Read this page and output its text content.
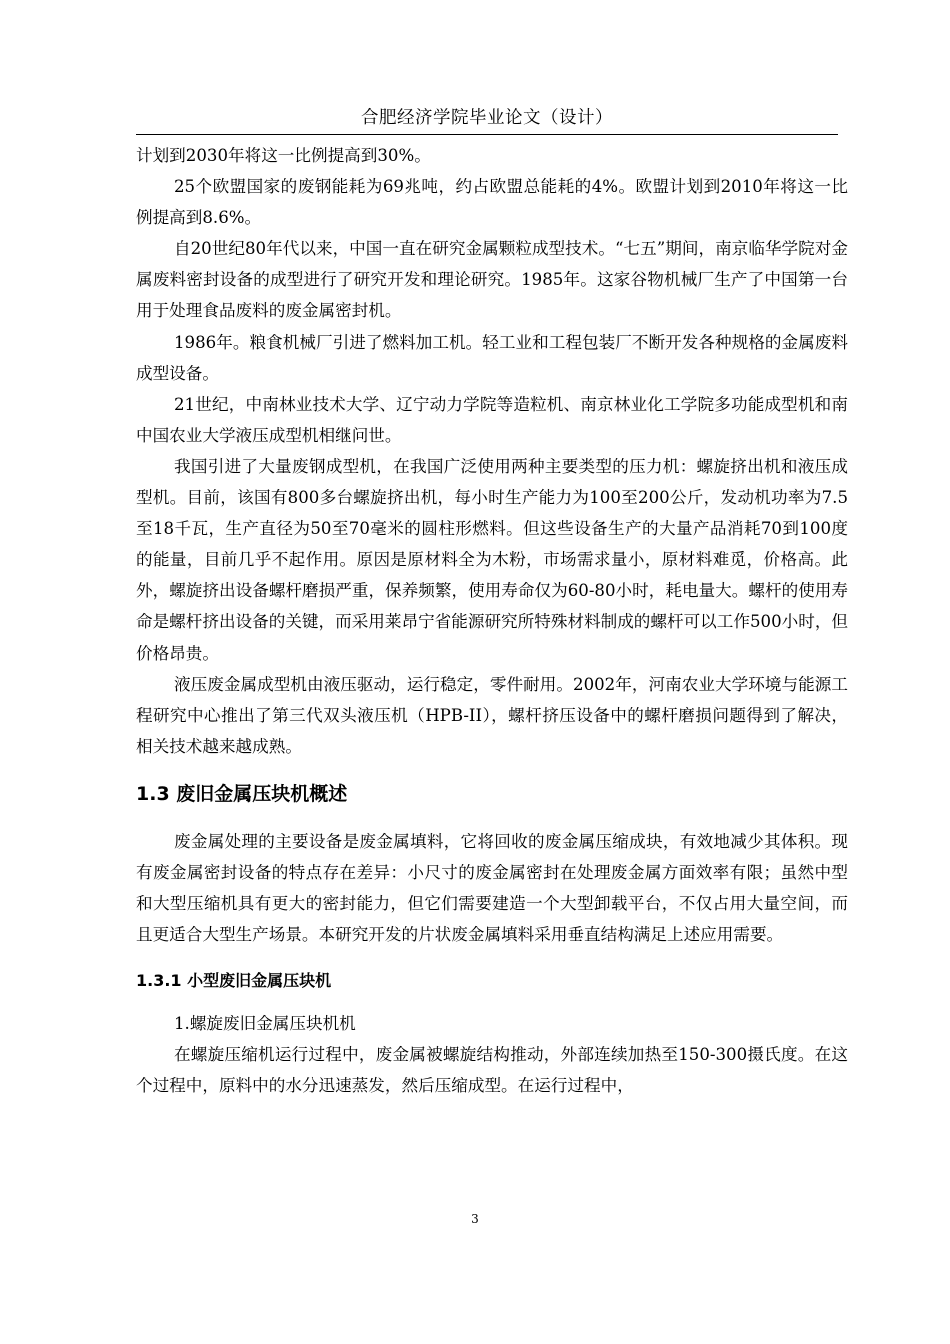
合肥经济学院毕业论文（设计）

计划到2030年将这一比例提高到30%。

25个欧盟国家的废钢能耗为69兆吨，约占欧盟总能耗的4%。欧盟计划到2010年将这一比例提高到8.6%。

自20世纪80年代以来，中国一直在研究金属颗粒成型技术。“七五”期间，南京临华学院对金属废料密封设备的成型进行了研究开发和理论研究。1985年。这家谷物机械厂生产了中国第一台用于处理食品废料的废金属密封机。

1986年。粮食机械厂引进了燃料加工机。轻工业和工程包装厂不断开发各种规格的金属废料成型设备。

21世纪，中南林业技术大学、辽宁动力学院等造粒机、南京林业化工学院多功能成型机和南中国农业大学液压成型机相继问世。

我国引进了大量废钢成型机，在我国广泛使用两种主要类型的压力机：螺旋挤出机和液压成型机。目前，该国有800多台螺旋挤出机，每小时生产能力为100至200公斤，发动机功率为7.5至18千瓦，生产直径为50至70毫米的圆柱形燃料。但这些设备生产的大量产品消耗70到100度的能量，目前几乎不起作用。原因是原材料全为木粉，市场需求量小，原材料难觅，价格高。此外，螺旋挤出设备螺杆磨损严重，保养频繁，使用寿命仅为60-80小时，耗电量大。螺杆的使用寿命是螺杆挤出设备的关键，而采用莱昂宁省能源研究所特殊材料制成的螺杆可以工作500小时，但价格昂贵。

液压废金属成型机由液压驱动，运行稳定，零件耐用。2002年，河南农业大学环境与能源工程研究中心推出了第三代双头液压机（HPB-II），螺杆挤压设备中的螺杆磨损问题得到了解决，相关技术越来越成熟。

1.3 废旧金属压块机概述

废金属处理的主要设备是废金属填料，它将回收的废金属压缩成块，有效地减少其体积。现有废金属密封设备的特点存在差异：小尺寸的废金属密封在处理废金属方面效率有限；虽然中型和大型压缩机具有更大的密封能力，但它们需要建造一个大型卸载平台，不仅占用大量空间，而且更适合大型生产场景。本研究开发的片状废金属填料采用垂直结构满足上述应用需要。

1.3.1 小型废旧金属压块机

1.螺旋废旧金属压块机机

在螺旋压缩机运行过程中，废金属被螺旋结构推动，外部连续加热至150-300摄氏度。在这个过程中，原料中的水分迅速蒸发，然后压缩成型。在运行过程中，

3
